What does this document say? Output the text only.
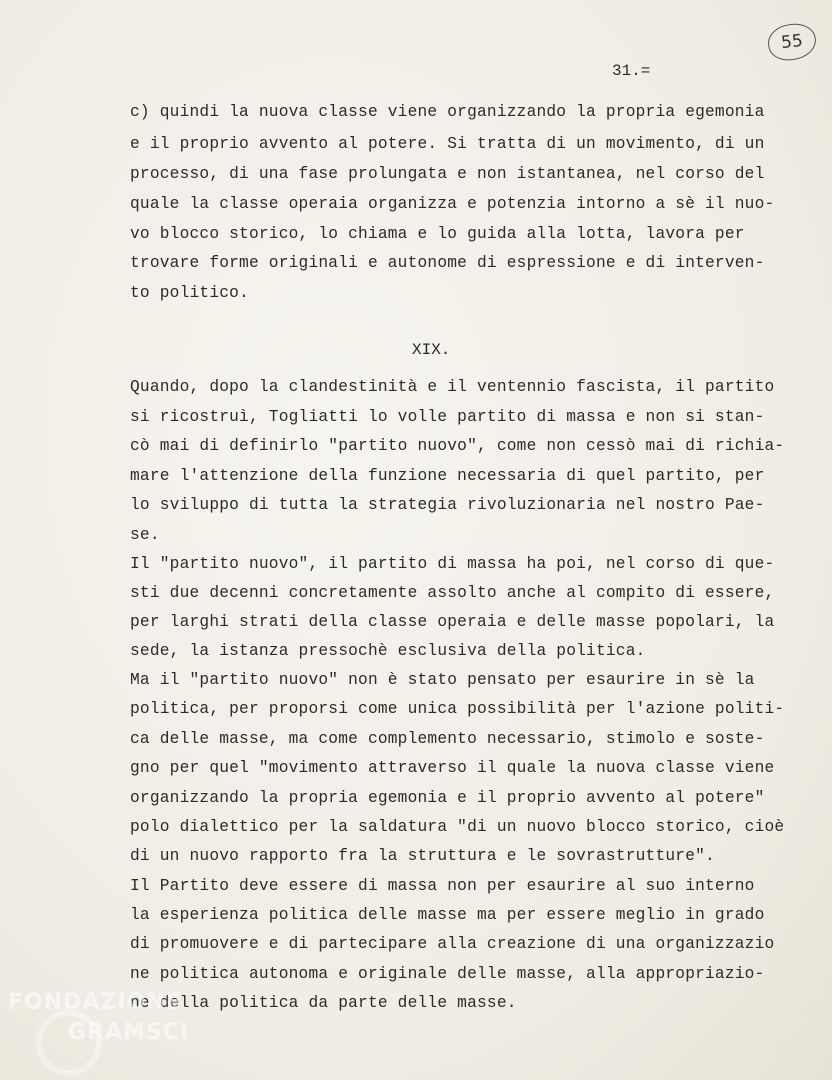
55
31.=
c) quindi la nuova classe viene organizzando la propria egemonia
e il proprio avvento al potere. Si tratta di un movimento, di un
processo, di una fase prolungata e non istantanea, nel corso del
quale la classe operaia organizza e potenzia intorno a sè il nuo-
vo blocco storico, lo chiama e lo guida alla lotta, lavora per
trovare forme originali e autonome di espressione e di interven-
to politico.
XIX.
Quando, dopo la clandestinità e il ventennio fascista, il partito
si ricostruì, Togliatti lo volle partito di massa e non si stan-
cò mai di definirlo "partito nuovo", come non cessò mai di richia-
mare l'attenzione della funzione necessaria di quel partito, per
lo sviluppo di tutta la strategia rivoluzionaria nel nostro Pae-
se.
Il "partito nuovo", il partito di massa ha poi, nel corso di que-
sti due decenni concretamente assolto anche al compito di essere,
per larghi strati della classe operaia e delle masse popolari, la
sede, la istanza pressochè esclusiva della politica.
Ma il "partito nuovo" non è stato pensato per esaurire in sè la
politica, per proporsi come unica possibilità per l'azione politi-
ca delle masse, ma come complemento necessario, stimolo e soste-
gno per quel "movimento attraverso il quale la nuova classe viene
organizzando la propria egemonia e il proprio avvento al potere"
polo dialettico per la saldatura "di un nuovo blocco storico, cioè
di un nuovo rapporto fra la struttura e le sovrastrutture".
Il Partito deve essere di massa non per esaurire al suo interno
la esperienza politica delle masse ma per essere meglio in grado
di promuovere e di partecipare alla creazione di una organizzazio
ne politica autonoma e originale delle masse, alla appropriazio-
ne della politica da parte delle masse.
FONDAZIONE
GRAMSCI
